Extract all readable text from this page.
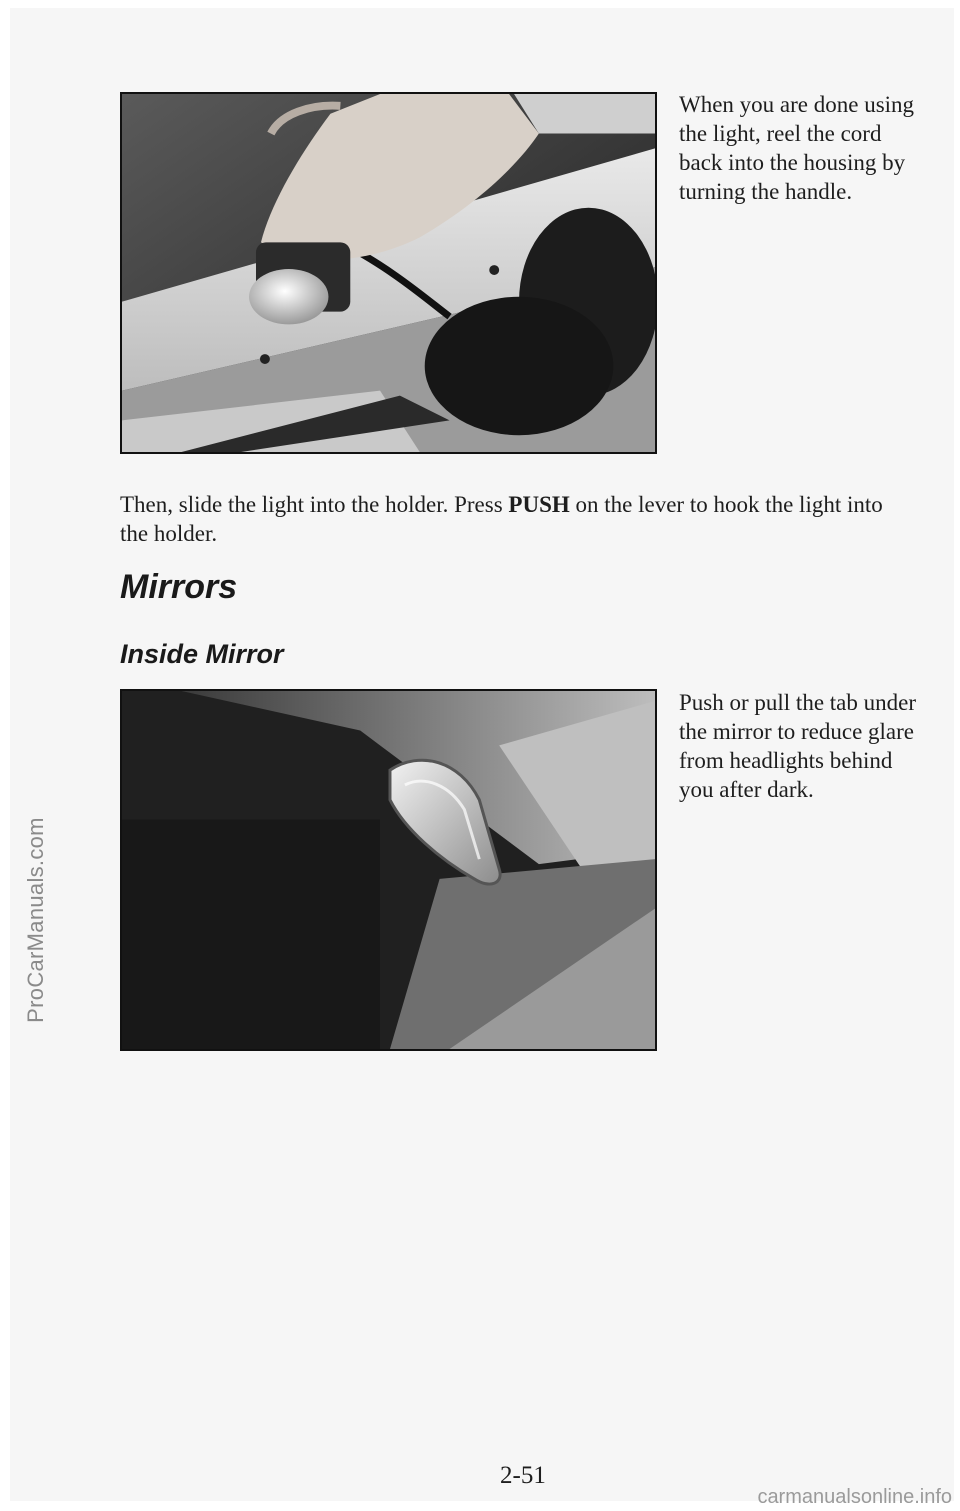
ProCarManuals.com

When you are done using the light, reel the cord back into the housing by turning the handle.

Then, slide the light into the holder. Press PUSH on the lever to hook the light into the holder.

Mirrors
Inside Mirror

Push or pull the tab under the mirror to reduce glare from headlights behind you after dark.

2-51
carmanualsonline.info
